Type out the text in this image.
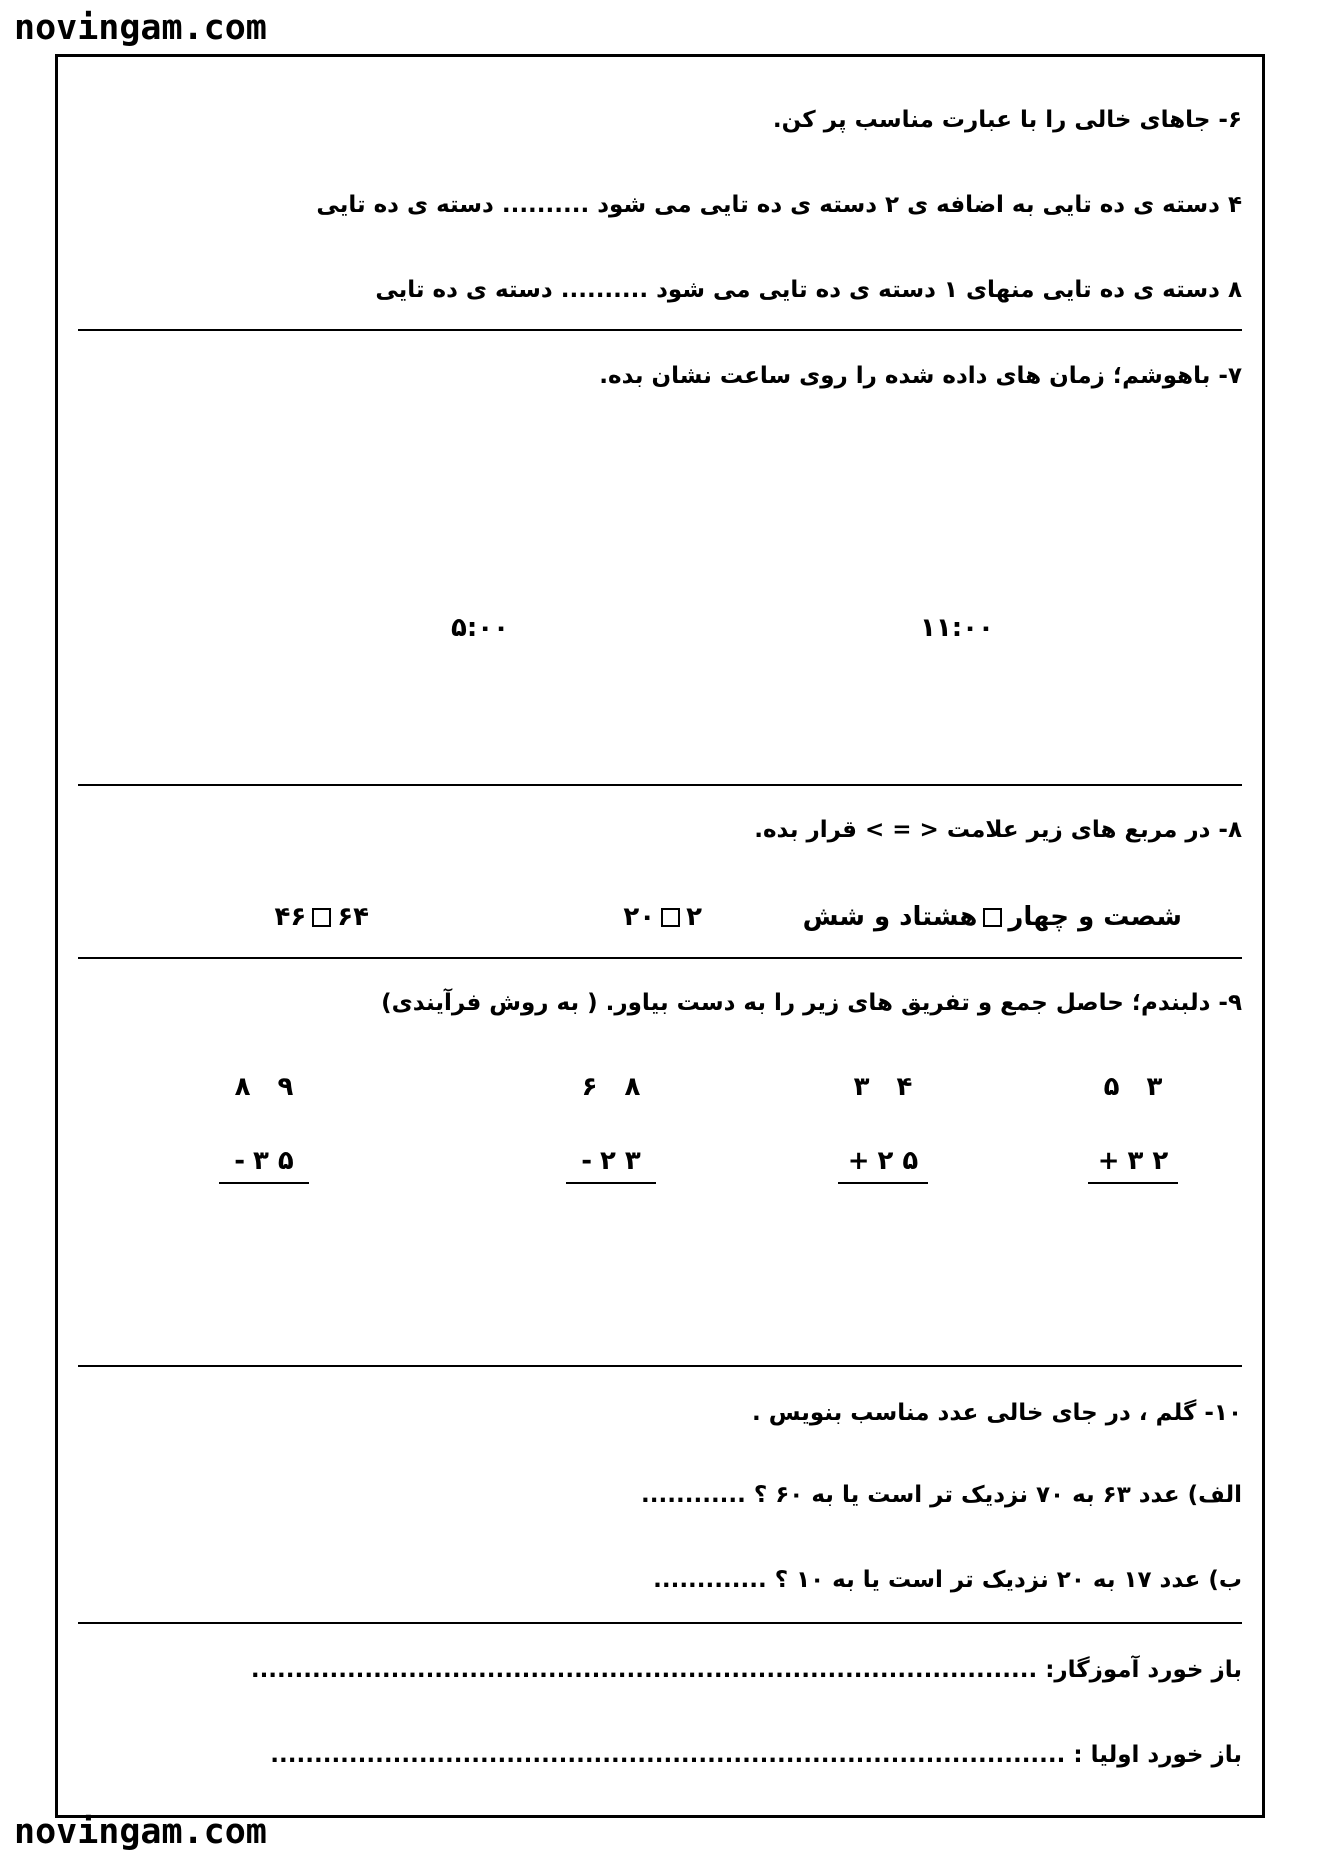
novingam.com
۶- جاهای خالی را با عبارت مناسب پر کن.
۴ دسته ی ده تایی به اضافه ی ۲ دسته ی ده تایی می شود .......... دسته ی ده تایی
۸ دسته ی ده تایی منهای ۱ دسته ی ده تایی می شود .......... دسته ی ده تایی
۷- باهوشم؛ زمان های داده شده را روی ساعت نشان بده.
۱۱:۰۰
۵:۰۰
۸- در مربع های زیر علامت < = > قرار بده.
شصت و چهارهشتاد و شش
۲۲۰
۶۴۴۶
۹- دلبندم؛ حاصل جمع و تفریق های زیر را به دست بیاور. ( به روش فرآیندی)
۵ ۳
+ ۳ ۲
۳ ۴
+ ۲ ۵
۶ ۸
- ۲ ۳
۸ ۹
- ۳ ۵
۱۰- گلم ، در جای خالی عدد مناسب بنویس .
الف) عدد ۶۳ به ۷۰ نزدیک تر است یا به ۶۰ ؟ ............
ب) عدد ۱۷ به ۲۰ نزدیک تر است یا به ۱۰ ؟ .............
باز خورد آموزگار: ..........................................................................................
باز خورد اولیا : ...........................................................................................
novingam.com
